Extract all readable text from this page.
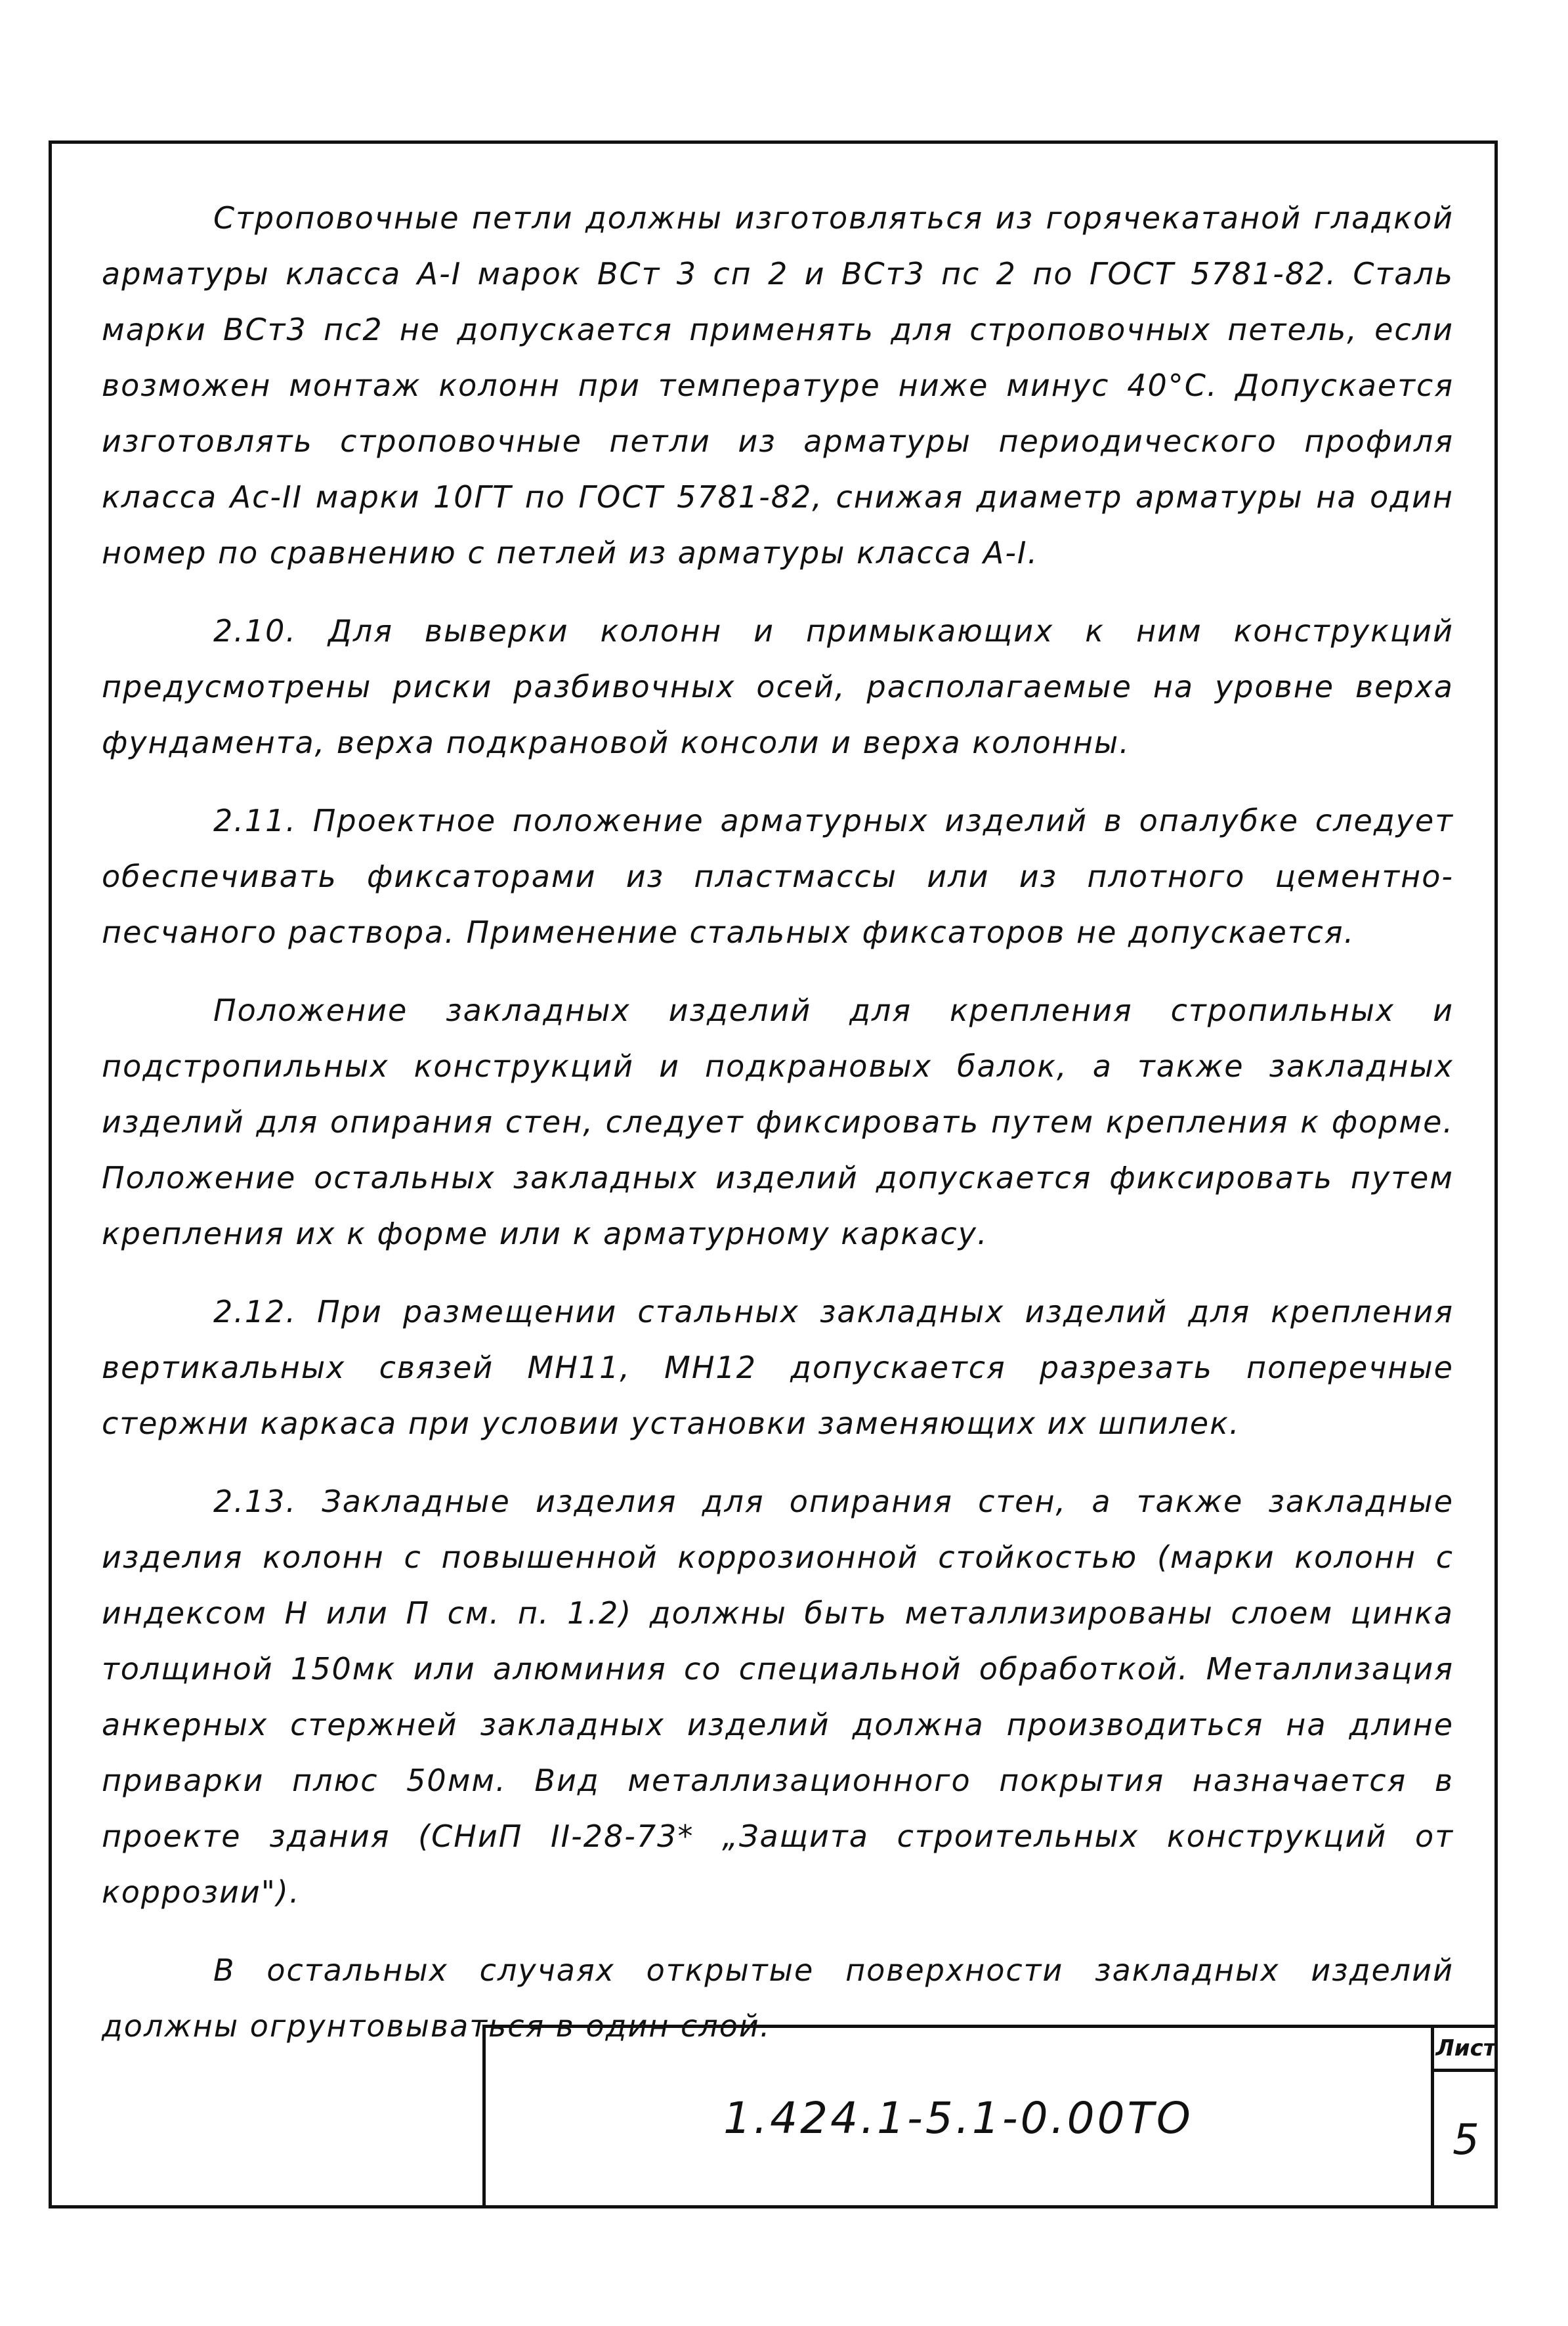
Строповочные петли должны изготовляться из горячекатаной гладкой арматуры класса А-I марок ВСт 3 сп 2 и ВСт3 пс 2 по ГОСТ 5781-82. Сталь марки ВСт3 пс2 не допускается применять для строповочных петель, если возможен монтаж колонн при температуре ниже минус 40°С. Допускается изготовлять строповочные петли из арматуры периодического профиля класса Ас-II марки 10ГТ по ГОСТ 5781-82, снижая диаметр арматуры на один номер по сравнению с петлей из арматуры класса А-I.

2.10. Для выверки колонн и примыкающих к ним конструкций предусмотрены риски разбивочных осей, располагаемые на уровне верха фундамента, верха подкрановой консоли и верха колонны.

2.11. Проектное положение арматурных изделий в опалубке следует обеспечивать фиксаторами из пластмассы или из плотного цементно-песчаного раствора. Применение стальных фиксаторов не допускается.

Положение закладных изделий для крепления стропильных и подстропильных конструкций и подкрановых балок, а также закладных изделий для опирания стен, следует фиксировать путем крепления к форме. Положение остальных закладных изделий допускается фиксировать путем крепления их к форме или к арматурному каркасу.

2.12. При размещении стальных закладных изделий для крепления вертикальных связей МН11, МН12 допускается разрезать поперечные стержни каркаса при условии установки заменяющих их шпилек.

2.13. Закладные изделия для опирания стен, а также закладные изделия колонн с повышенной коррозионной стойкостью (марки колонн с индексом Н или П см. п. 1.2) должны быть металлизированы слоем цинка толщиной 150мк или алюминия со специальной обработкой. Металлизация анкерных стержней закладных изделий должна производиться на длине приварки плюс 50мм. Вид металлизационного покрытия назначается в проекте здания (СНиП II-28-73* „Защита строительных конструкций от коррозии").

В остальных случаях открытые поверхности закладных изделий должны огрунтовываться в один слой.

1.424.1-5.1-0.00ТО
Лист
5
